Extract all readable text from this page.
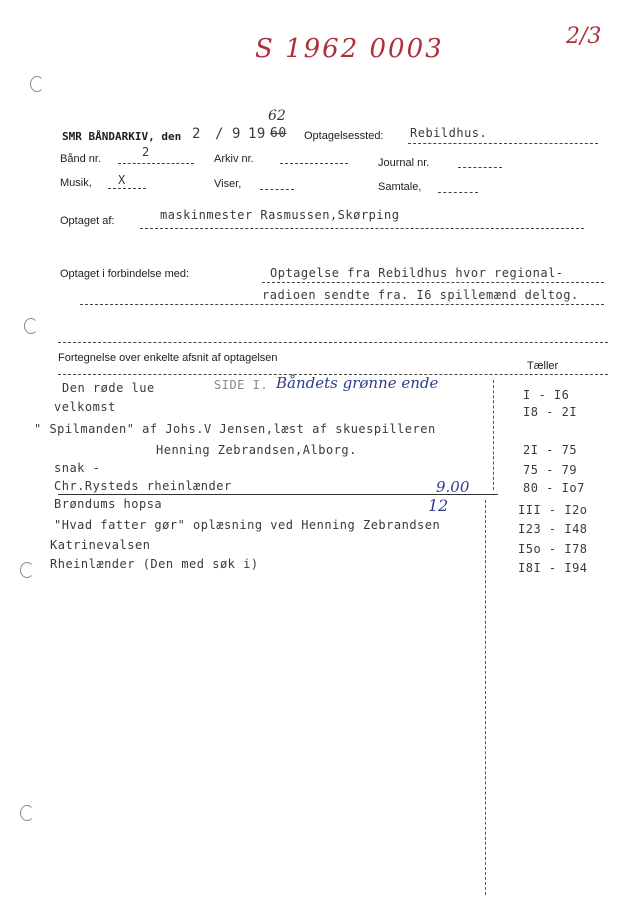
S 1962 0003	2/3
SMR BÅNDARKIV, den 2 / 9 19 60
62
Optagelsessted: Rebildhus.
Bånd nr.	2	Arkiv nr.	Journal nr.
Musik, X	Viser,	Samtale,
Optaget af:	maskinmester Rasmussen,Skørping
Optaget i forbindelse med:	Optagelse fra Rebildhus hvor regional-
radioen sendte fra. I6 spillemænd deltog.
Fortegnelse over enkelte afsnit af optagelsen
Tæller
SIDE I. Båndets grønne ende
Den røde lue	I - I6
velkomst	I8 - 2I
" Spilmanden" af Johs.V Jensen,læst af skuespilleren
Henning Zebrandsen,Alborg.	2I - 75
snak -	75 - 79
Chr.Rysteds rheinlænder	80 - Io7
9.00
12
Brøndums hopsa	III - I2o
"Hvad fatter gør" oplæsning ved Henning Zebrandsen	I23 - I48
Katrinevalsen	I5o - I78
Rheinlænder (Den med søk i)	I8I - I94
